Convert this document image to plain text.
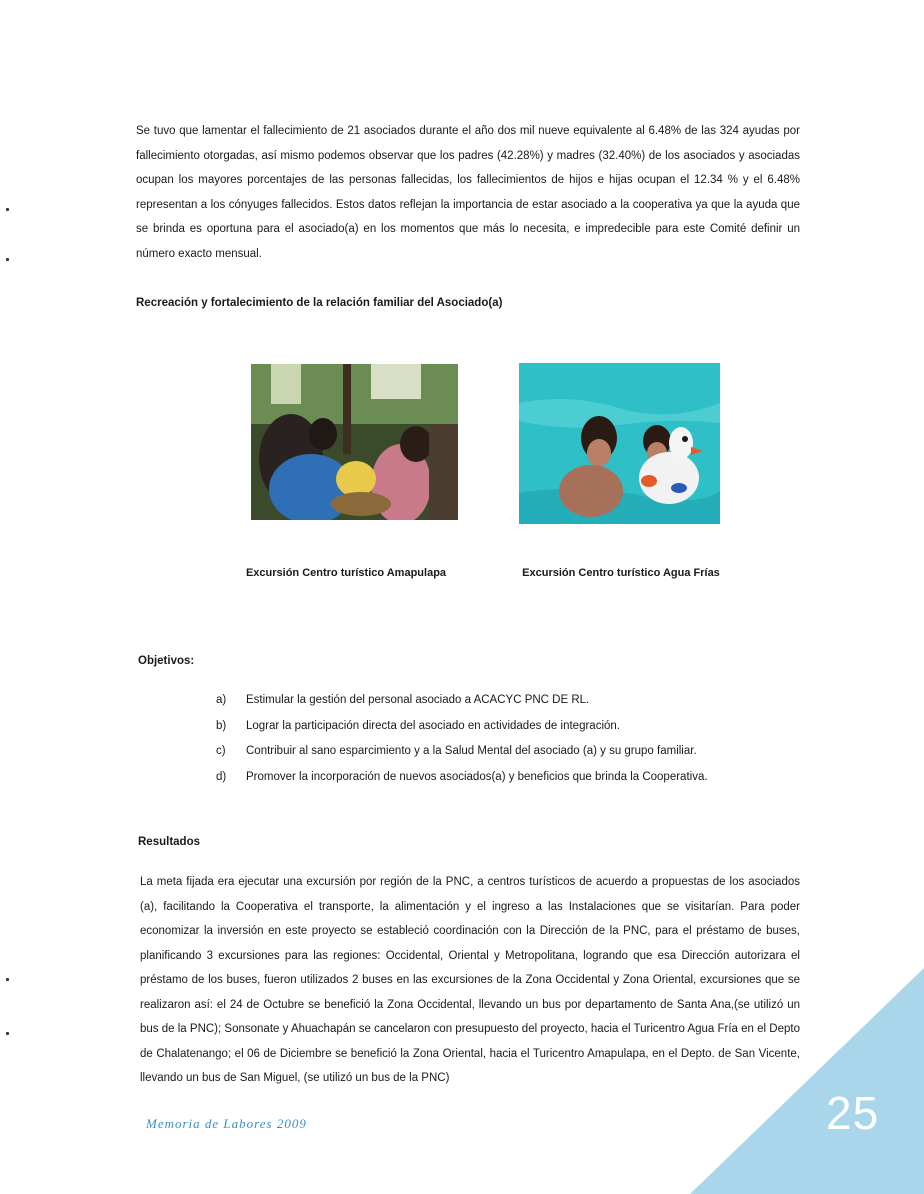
Se tuvo que lamentar el fallecimiento de 21 asociados durante el año dos mil nueve equivalente al 6.48% de las 324 ayudas por fallecimiento otorgadas, así mismo podemos observar que los padres (42.28%) y madres (32.40%) de los asociados y asociadas ocupan los mayores porcentajes de las personas fallecidas, los fallecimientos de hijos e hijas ocupan el 12.34 % y el 6.48% representan a los cónyuges fallecidos. Estos datos reflejan la importancia de estar asociado a la cooperativa ya que la ayuda que se brinda es oportuna para el asociado(a) en los momentos que más lo necesita, e impredecible para este Comité definir un número exacto mensual.

Recreación y fortalecimiento de la relación familiar del Asociado(a)

Excursión Centro turístico Amapulapa	Excursión Centro turístico Agua Frías

Objetivos:

a)	Estimular la gestión del personal asociado a ACACYC PNC DE RL.
b)	Lograr la participación directa del asociado en actividades de integración.
c)	Contribuir al sano esparcimiento y a la Salud Mental del asociado (a) y su grupo familiar.
d)	Promover la incorporación de nuevos asociados(a) y beneficios que brinda la Cooperativa.

Resultados

La meta fijada era ejecutar una excursión por región de la PNC, a centros turísticos de acuerdo a propuestas de los asociados (a), facilitando la Cooperativa el transporte, la alimentación y el ingreso a las Instalaciones que se visitarían. Para poder economizar la inversión en este proyecto se estableció coordinación con la Dirección de la PNC, para el préstamo de buses, planificando 3 excursiones para las regiones: Occidental, Oriental y Metropolitana, logrando que esa Dirección autorizara el préstamo de los buses, fueron utilizados 2 buses en las excursiones de la Zona Occidental y Zona Oriental, excursiones que se realizaron así: el 24 de Octubre se benefició la Zona Occidental, llevando un bus por departamento de Santa Ana,(se utilizó un bus de la PNC); Sonsonate y Ahuachapán se cancelaron con presupuesto del proyecto, hacia el Turicentro Agua Fría en el Depto de Chalatenango; el 06 de Diciembre se benefició la Zona Oriental, hacia el Turicentro Amapulapa, en el Depto. de San Vicente, llevando un bus de San Miguel, (se utilizó un bus de la PNC)

Memoria de Labores 2009	25
